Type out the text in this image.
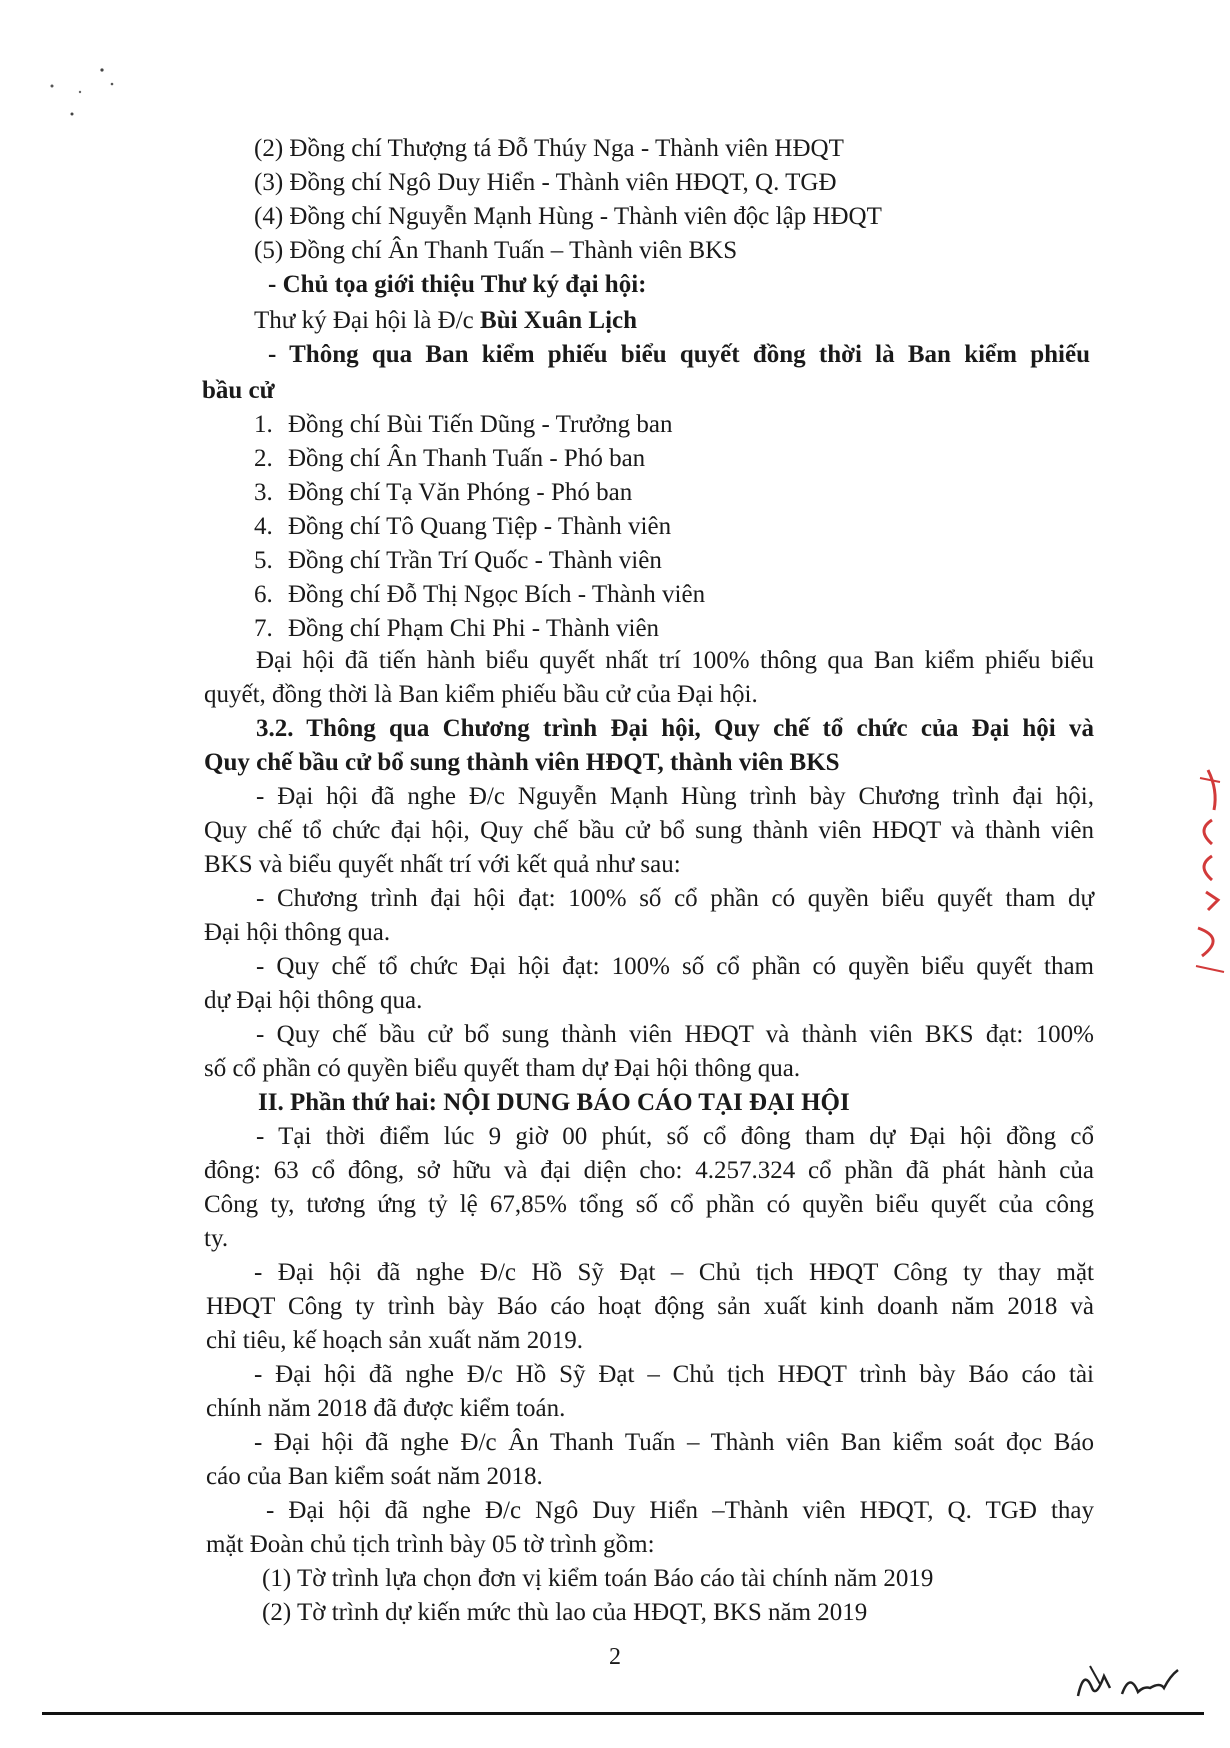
(2) Đồng chí Thượng tá Đỗ Thúy Nga - Thành viên HĐQT
(3) Đồng chí Ngô Duy Hiển - Thành viên HĐQT, Q. TGĐ
(4) Đồng chí Nguyễn Mạnh Hùng - Thành viên độc lập HĐQT
(5) Đồng chí Ân Thanh Tuấn – Thành viên BKS
- Chủ tọa giới thiệu Thư ký đại hội:
Thư ký Đại hội là Đ/c Bùi Xuân Lịch
- Thông qua Ban kiểm phiếu biểu quyết đồng thời là Ban kiểm phiếu
bầu cử
1. Đồng chí Bùi Tiến Dũng - Trưởng ban
2. Đồng chí Ân Thanh Tuấn - Phó ban
3. Đồng chí Tạ Văn Phóng - Phó ban
4. Đồng chí Tô Quang Tiệp - Thành viên
5. Đồng chí Trần Trí Quốc - Thành viên
6. Đồng chí Đỗ Thị Ngọc Bích - Thành viên
7. Đồng chí Phạm Chi Phi - Thành viên
Đại hội đã tiến hành biểu quyết nhất trí 100% thông qua Ban kiểm phiếu biểu
quyết, đồng thời là Ban kiểm phiếu bầu cử của Đại hội.
3.2. Thông qua Chương trình Đại hội, Quy chế tổ chức của Đại hội và
Quy chế bầu cử bổ sung thành viên HĐQT, thành viên BKS
- Đại hội đã nghe Đ/c Nguyễn Mạnh Hùng trình bày Chương trình đại hội,
Quy chế tổ chức đại hội, Quy chế bầu cử bổ sung thành viên HĐQT và thành viên
BKS và biểu quyết nhất trí với kết quả như sau:
- Chương trình đại hội đạt: 100% số cổ phần có quyền biểu quyết tham dự
Đại hội thông qua.
- Quy chế tổ chức Đại hội đạt: 100% số cổ phần có quyền biểu quyết tham
dự Đại hội thông qua.
- Quy chế bầu cử bổ sung thành viên HĐQT và thành viên BKS đạt: 100%
số cổ phần có quyền biểu quyết tham dự Đại hội thông qua.
II. Phần thứ hai: NỘI DUNG BÁO CÁO TẠI ĐẠI HỘI
- Tại thời điểm lúc 9 giờ 00 phút, số cổ đông tham dự Đại hội đồng cổ
đông: 63 cổ đông, sở hữu và đại diện cho: 4.257.324 cổ phần đã phát hành của
Công ty, tương ứng tỷ lệ 67,85% tổng số cổ phần có quyền biểu quyết của công
ty.
- Đại hội đã nghe Đ/c Hồ Sỹ Đạt – Chủ tịch HĐQT Công ty thay mặt
HĐQT Công ty trình bày Báo cáo hoạt động sản xuất kinh doanh năm 2018 và
chỉ tiêu, kế hoạch sản xuất năm 2019.
- Đại hội đã nghe Đ/c Hồ Sỹ Đạt – Chủ tịch HĐQT trình bày Báo cáo tài
chính năm 2018 đã được kiểm toán.
- Đại hội đã nghe Đ/c Ân Thanh Tuấn – Thành viên Ban kiểm soát đọc Báo
cáo của Ban kiểm soát năm 2018.
- Đại hội đã nghe Đ/c Ngô Duy Hiển –Thành viên HĐQT, Q. TGĐ thay
mặt Đoàn chủ tịch trình bày 05 tờ trình gồm:
(1) Tờ trình lựa chọn đơn vị kiểm toán Báo cáo tài chính năm 2019
(2) Tờ trình dự kiến mức thù lao của HĐQT, BKS năm 2019
2
